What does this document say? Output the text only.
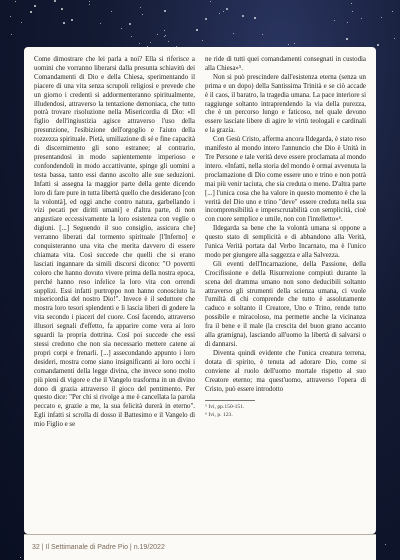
Come dimostrare che lei parla a noi? Ella si riferisce a uomini che vorranno liberarsi dalla presunta schiavitù dei Comandamenti di Dio e della Chiesa, sperimentando il piacere di una vita senza scrupoli religiosi e prevede che un giorno i credenti si addormenteranno spiritualmente, illudendosi, attraverso la tentazione demoniaca, che tutto potrà trovare risoluzione nella Misericordia di Dio: «Il figlio dell'ingiustizia agisce attraverso l'uso della presunzione, l'esibizione dell'orgoglio e l'aiuto della rozzezza spirituale. Pietà, umiliazione di sé e fine capacità di discernimento gli sono estranee; al contrario, presentandosi in modo sapientemente imperioso e confondendoli in modo accattivante, spinge gli uomini a testa bassa, tanto essi danno ascolto alle sue seduzioni. Infatti si assegna la maggior parte della gente dicendo loro di fare pure in tutta libertà quello che desiderano [con la volontà], ed oggi anche contro natura, garbellando i vizi pecati per diritti umani] e d'altra parte, di non angustiare eccessivamente la loro esistenza con veglie o digiuni. [...] Seguendo il suo consiglio, assicura che] verranno liberati dal tormento spirituale [l'Inferno] e conquisteranno una vita che merita davvero di essere chiamata vita. Così succede che quelli che si erano lasciati ingannare da simili discorsi dicono: "O povertti coloro che hanno dovuto vivere prima della nostra epoca, perché hanno reso infelice la loro vita con orrendi supplizi. Essi infatti purtroppo non hanno conosciuto la misericordia del nostro Dio!". Invece è il seduttore che mostra loro tesori splendenti e li lascia liberi di godere la vita secondo i piaceri del cuore. Così facendo, attraverso illusori segnali d'effetto, fa apparire come vera ai loro sguardi la propria dottrina. Così poi succede che essi stessi credono che non sia necessario mettere catene ai propri corpi e frenarli. [...] assecondando appunto i loro desideri, mostra come siano insignificanti ai loro occhi i comandamenti della legge divina, che invece sono molto più pieni di vigore e che il Vangelo trasforma in un divino dono di grazia attraverso il gioco del pentimento. Per questo dice: "Per chi si rivolge a me è cancellata la parola peccato e, grazie a me, la sua felicità durerà in eterno". Egli infatti si scrolla di dosso il Battesimo e il Vangelo di mio Figlio e se

ne ride di tutti quei comandamenti consegnati in custodia alla Chiesa»⁵.

Non si può prescindere dall'esistenza eterna (senza un prima e un dopo) della Santissima Trinità e se ciò accade è il caos, il baratro, la tragedia umana. La pace interiore si raggiunge soltanto intraprendendo la via della purezza, che è un percorso lungo e faticoso, nel quale devono essere lasciate libere di agire le virtù teologali e cardinali e la grazia.

Con Gesù Cristo, afferma ancora Ildegarda, è stato reso manifesto al mondo intero l'annuncio che Dio è Unità in Tre Persone e tale verità deve essere proclamata al mondo intero. «Infatti, nella storia del mondo è ormai avvenuta la proclamazione di Dio come essere uno e trino e non potrà mai più venir taciuta, che sia creduta o meno. D'altra parte [...] l'unica cosa che ha valore in questo momento è che la verità del Dio uno e trino "deve" essere creduta nella sua incomprensibilità e imperscrutabilità con semplicità, cioè con cuore semplice e umile, non con l'intelletto»⁶.

Ildegarda sa bene che la volontà umana si oppone a questo stato di semplicità e di abbandono alla Verità, l'unica Verità portata dal Verbo Incarnato, ma è l'unico modo per giungere alla saggezza e alla Salvezza.

Gli eventi dell'Incarnazione, della Passione, della Crocifissione e della Risurrezione compiuti durante la scena del dramma umano non sono deducibili soltanto attraverso gli strumenti della scienza umana, ci vuole l'umiltà di chi comprende che tutto è assolutamente caduco e soltanto il Creatore, Uno e Trino, rende tutto possibile e miracoloso, ma permette anche la vicinanza fra il bene e il male (la crescita del buon grano accanto alla gramigna), lasciando all'uomo la libertà di salvarsi o di dannarsi.

Diventa quindi evidente che l'unica creatura terrena, dotata di spirito, è tenuta ad adorare Dio, come si conviene al ruolo dell'uomo mortale rispetto al suo Creatore eterno; ma quest'uomo, attraverso l'opera di Cristo, può essere introdotto

⁵ Ivi, pp.150-151.
⁶ Ivi, p. 123.
32 | Il Settimanale di Padre Pio | n.19/2022
